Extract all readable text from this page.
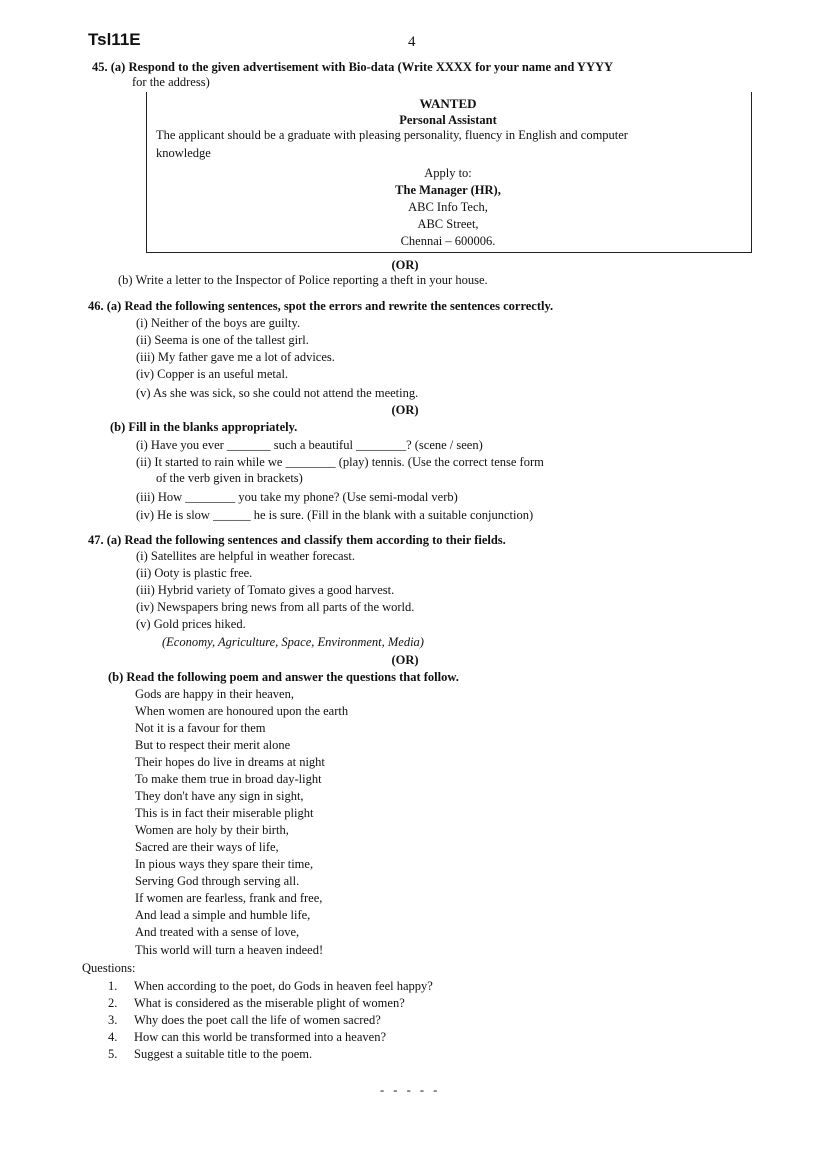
Tsl11E	4
45. (a) Respond to the given advertisement with Bio-data (Write XXXX for your name and YYYY
for the address)
WANTED
Personal Assistant
The applicant should be a graduate with pleasing personality, fluency in English and computer
knowledge
Apply to:
The Manager (HR),
ABC Info Tech,
ABC Street,
Chennai – 600006.
(OR)
(b) Write a letter to the Inspector of Police reporting a theft in your house.
46. (a) Read the following sentences, spot the errors and rewrite the sentences correctly.
(i) Neither of the boys are guilty.
(ii) Seema is one of the tallest girl.
(iii) My father gave me a lot of advices.
(iv) Copper is an useful metal.
(v) As she was sick, so she could not attend the meeting.
(OR)
(b) Fill in the blanks appropriately.
(i) Have you ever _______ such a beautiful ________? (scene / seen)
(ii) It started to rain while we ________ (play) tennis. (Use the correct tense form
of the verb given in brackets)
(iii) How ________ you take my phone? (Use semi-modal verb)
(iv) He is slow ______ he is sure. (Fill in the blank with a suitable conjunction)
47. (a) Read the following sentences and classify them according to their fields.
(i) Satellites are helpful in weather forecast.
(ii) Ooty is plastic free.
(iii) Hybrid variety of Tomato gives a good harvest.
(iv) Newspapers bring news from all parts of the world.
(v) Gold prices hiked.
(Economy, Agriculture, Space, Environment, Media)
(OR)
(b) Read the following poem and answer the questions that follow.
Gods are happy in their heaven,
When women are honoured upon the earth
Not it is a favour for them
But to respect their merit alone
Their hopes do live in dreams at night
To make them true in broad day-light
They don't have any sign in sight,
This is in fact their miserable plight
Women are holy by their birth,
Sacred are their ways of life,
In pious ways they spare their time,
Serving God through serving all.
If women are fearless, frank and free,
And lead a simple and humble life,
And treated with a sense of love,
This world will turn a heaven indeed!
Questions:
1. When according to the poet, do Gods in heaven feel happy?
2. What is considered as the miserable plight of women?
3. Why does the poet call the life of women sacred?
4. How can this world be transformed into a heaven?
5. Suggest a suitable title to the poem.
- - - - -
